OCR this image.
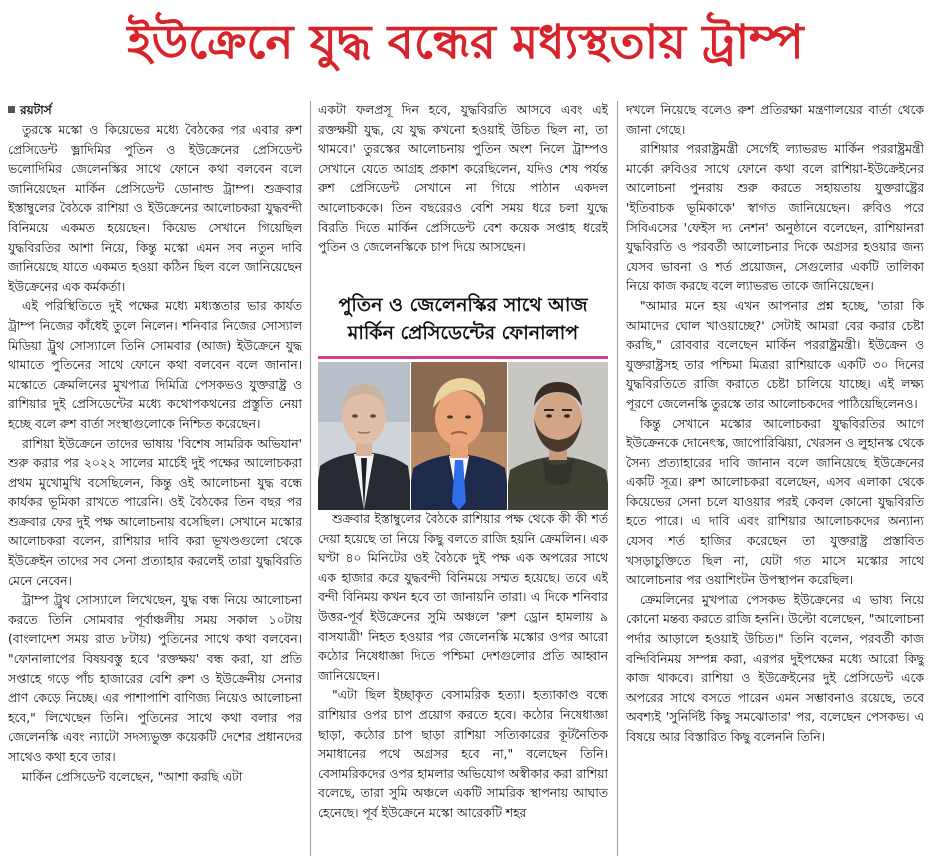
ইউক্রেনে যুদ্ধ বন্ধের মধ্যস্থতায় ট্রাম্প
রয়টার্স

তুরস্কে মস্কো ও কিয়েভের মধ্যে বৈঠকের পর এবার রুশ প্রেসিডেন্ট ভ্লাদিমির পুতিন ও ইউক্রেনের প্রেসিডেন্ট ভলোদিমির জেলেনস্কির সাথে ফোনে কথা বলবেন বলে জানিয়েছেন মার্কিন প্রেসিডেন্ট ডোনাল্ড ট্রাম্প। শুক্রবার ইস্তাম্বুলের বৈঠকে রাশিয়া ও ইউক্রেনের আলোচকরা যুদ্ধবন্দী বিনিময়ে একমত হয়েছেন। কিয়েভ সেখানে গিয়েছিল যুদ্ধবিরতির আশা নিয়ে, কিন্তু মস্কো এমন সব নতুন দাবি জানিয়েছে যাতে একমত হওয়া কঠিন ছিল বলে জানিয়েছেন ইউক্রেনের এক কর্মকর্তা।

এই পরিস্থিতিতে দুই পক্ষের মধ্যে মধ্যস্ততার ভার কার্যত ট্রাম্প নিজের কাঁধেই তুলে নিলেন। শনিবার নিজের সোস্যাল মিডিয়া ট্রুথ সোস্যালে তিনি সোমবার (আজ) ইউক্রেনে যুদ্ধ থামাতে পুতিনের সাথে ফোনে কথা বলবেন বলে জানান। মস্কোতে ক্রেমলিনের মুখপাত্র দিমিত্রি পেসকভও যুক্তরাষ্ট্র ও রাশিয়ার দুই প্রেসিডেন্টের মধ্যে কথোপকথনের প্রস্তুতি নেয়া হচ্ছে বলে রুশ বার্তা সংস্থাগুলোকে নিশ্চিত করেছেন।

রাশিয়া ইউক্রেনে তাদের ভাষায় 'বিশেষ সামরিক অভিযান' শুরু করার পর ২০২২ সালের মার্চেই দুই পক্ষের আলোচকরা প্রথম মুখোমুখি বসেছিলেন, কিন্তু ওই আলোচনা যুদ্ধ বন্ধে কার্যকর ভূমিকা রাখতে পারেনি। ওই বৈঠকের তিন বছর পর শুক্রবার ফের দুই পক্ষ আলোচনায় বসেছিল। সেখানে মস্কোর আলোচকরা বলেন, রাশিয়ার দাবি করা ভূখণ্ডগুলো থেকে ইউক্রেইন তাদের সব সেনা প্রত্যাহার করলেই তারা যুদ্ধবিরতি মেনে নেবেন।

ট্রাম্প ট্রুথ সোস্যালে লিখেছেন, যুদ্ধ বন্ধ নিয়ে আলোচনা করতে তিনি সোমবার পূর্বাঞ্চলীয় সময় সকাল ১০টায় (বাংলাদেশ সময় রাত ৮টায়) পুতিনের সাথে কথা বলবেন। "ফোনালাপের বিষয়বস্তু হবে 'রক্তক্ষয়' বন্ধ করা, যা প্রতি সপ্তাহে গড়ে পাঁচ হাজারের বেশি রুশ ও ইউক্রেনীয় সেনার প্রাণ কেড়ে নিচ্ছে। এর পাশাপাশি বাণিজ্য নিয়েও আলোচনা হবে," লিখেছেন তিনি। পুতিনের সাথে কথা বলার পর জেলেনস্কি এবং ন্যাটো সদস্যভুক্ত কয়েকটি দেশের প্রধানদের সাথেও কথা হবে তার।

মার্কিন প্রেসিডেন্ট বলেছেন, "আশা করছি এটা

একটা ফলপ্রসূ দিন হবে, যুদ্ধবিরতি আসবে এবং এই রক্তক্ষয়ী যুদ্ধ, যে যুদ্ধ কখনো হওয়াই উচিত ছিল না, তা থামবে।' তুরস্কের আলোচনায় পুতিন অংশ নিলে ট্রাম্পও সেখানে যেতে আগ্রহ প্রকাশ করেছিলেন, যদিও শেষ পর্যন্ত রুশ প্রেসিডেন্ট সেখানে না গিয়ে পাঠান একদল আলোচককে। তিন বছরেরও বেশি সময় ধরে চলা যুদ্ধে বিরতি দিতে মার্কিন প্রেসিডেন্ট বেশ কয়েক সপ্তাহ ধরেই পুতিন ও জেলেনস্কিকে চাপ দিয়ে আসছেন।

পুতিন ও জেলেনস্কির সাথে আজ
মার্কিন প্রেসিডেন্টের ফোনালাপ

শুক্রবার ইস্তাম্বুলের বৈঠকে রাশিয়ার পক্ষ থেকে কী কী শর্ত দেয়া হয়েছে তা নিয়ে কিছু বলতে রাজি হয়নি ক্রেমলিন। এক ঘণ্টা ৪০ মিনিটের ওই বৈঠকে দুই পক্ষ এক অপরের সাথে এক হাজার করে যুদ্ধবন্দী বিনিময়ে সম্মত হয়েছে। তবে এই বন্দী বিনিময় কখন হবে তা জানায়নি তারা। এ দিকে শনিবার উত্তর-পূর্ব ইউক্রেনের সুমি অঞ্চলে 'রুশ ড্রোন হামলায় ৯ বাসযাত্রী' নিহত হওয়ার পর জেলেনস্কি মস্কোর ওপর আরো কঠোর নিষেধাজ্ঞা দিতে পশ্চিমা দেশগুলোর প্রতি আহ্বান জানিয়েছেন।

"এটা ছিল ইচ্ছাকৃত বেসামরিক হত্যা। হত্যাকাণ্ড বন্ধে রাশিয়ার ওপর চাপ প্রয়োগ করতে হবে। কঠোর নিষেধাজ্ঞা ছাড়া, কঠোর চাপ ছাড়া রাশিয়া সত্যিকারের কূটনৈতিক সমাধানের পথে অগ্রসর হবে না," বলেছেন তিনি। বেসামরিকদের ওপর হামলার অভিযোগ অস্বীকার করা রাশিয়া বলেছে, তারা সুমি অঞ্চলে একটি সামরিক স্থাপনায় আঘাত হেনেছে। পূর্ব ইউক্রেনে মস্কো আরেকটি শহর

দখলে নিয়েছে বলেও রুশ প্রতিরক্ষা মন্ত্রণালয়ের বার্তা থেকে জানা গেছে।

রাশিয়ার পররাষ্ট্রমন্ত্রী সের্গেই ল্যাভরভ মার্কিন পররাষ্ট্রমন্ত্রী মার্কো রুবিওর সাথে ফোনে কথা বলে রাশিয়া-ইউক্রেইনের আলোচনা পুনরায় শুরু করতে সহায়তায় যুক্তরাষ্ট্রের 'ইতিবাচক ভূমিকাকে' স্বাগত জানিয়েছেন। রুবিও পরে সিবিএসের 'ফেইস দ্য নেশন' অনুষ্ঠানে বলেছেন, রাশিয়ানরা যুদ্ধবিরতি ও পরবর্তী আলোচনার দিকে অগ্রসর হওয়ার জন্য যেসব ভাবনা ও শর্ত প্রয়োজন, সেগুলোর একটি তালিকা নিয়ে কাজ করছে বলে ল্যাভরভ তাকে জানিয়েছেন।

"আমার মনে হয় এখন আপনার প্রশ্ন হচ্ছে, 'তারা কি আমাদের ঘোল খাওয়াচ্ছে?' সেটাই আমরা বের করার চেষ্টা করছি," রোববার বলেছেন মার্কিন পররাষ্ট্রমন্ত্রী। ইউক্রেন ও যুক্তরাষ্ট্রসহ তার পশ্চিমা মিত্ররা রাশিয়াকে একটি ৩০ দিনের যুদ্ধবিরতিতে রাজি করাতে চেষ্টা চালিয়ে যাচ্ছে। এই লক্ষ্য পূরণে জেলেনস্কি তুরস্কে তার আলোচকদের পাঠিয়েছিলেনও।

কিন্তু সেখানে মস্কোর আলোচকরা যুদ্ধবিরতির আগে ইউক্রেনকে দোনেৎস্ক, জাপোরিঝিয়া, খেরসন ও লুহানস্ক থেকে সৈন্য প্রত্যাহারের দাবি জানান বলে জানিয়েছে ইউক্রেনের একটি সূত্র। রুশ আলোচকরা বলেছেন, এসব এলাকা থেকে কিয়েভের সেনা চলে যাওয়ার পরই কেবল কোনো যুদ্ধবিরতি হতে পারে। এ দাবি এবং রাশিয়ার আলোচকদের অন্যান্য যেসব শর্ত হাজির করেছেন তা যুক্তরাষ্ট্র প্রস্তাবিত খসড়াচুক্তিতে ছিল না, যেটা গত মাসে মস্কোর সাথে আলোচনার পর ওয়াশিংটন উপস্থাপন করেছিল।

ক্রেমলিনের মুখপাত্র পেসকভ ইউক্রেনের এ ভাষ্য নিয়ে কোনো মন্তব্য করতে রাজি হননি। উল্টো বলেছেন, "আলোচনা পর্দার আড়ালে হওয়াই উচিত।" তিনি বলেন, পরবর্তী কাজ বন্দিবিনিময় সম্পন্ন করা, এরপর দুইপক্ষের মধ্যে আরো কিছু কাজ থাকবে। রাশিয়া ও ইউক্রেইনের দুই প্রেসিডেন্ট একে অপরের সাথে বসতে পারেন এমন সম্ভাবনাও রয়েছে, তবে অবশ্যই 'সুনির্দিষ্ট কিছু সমঝোতার' পর, বলেছেন পেসকভ। এ বিষয়ে আর বিস্তারিত কিছু বলেননি তিনি।
